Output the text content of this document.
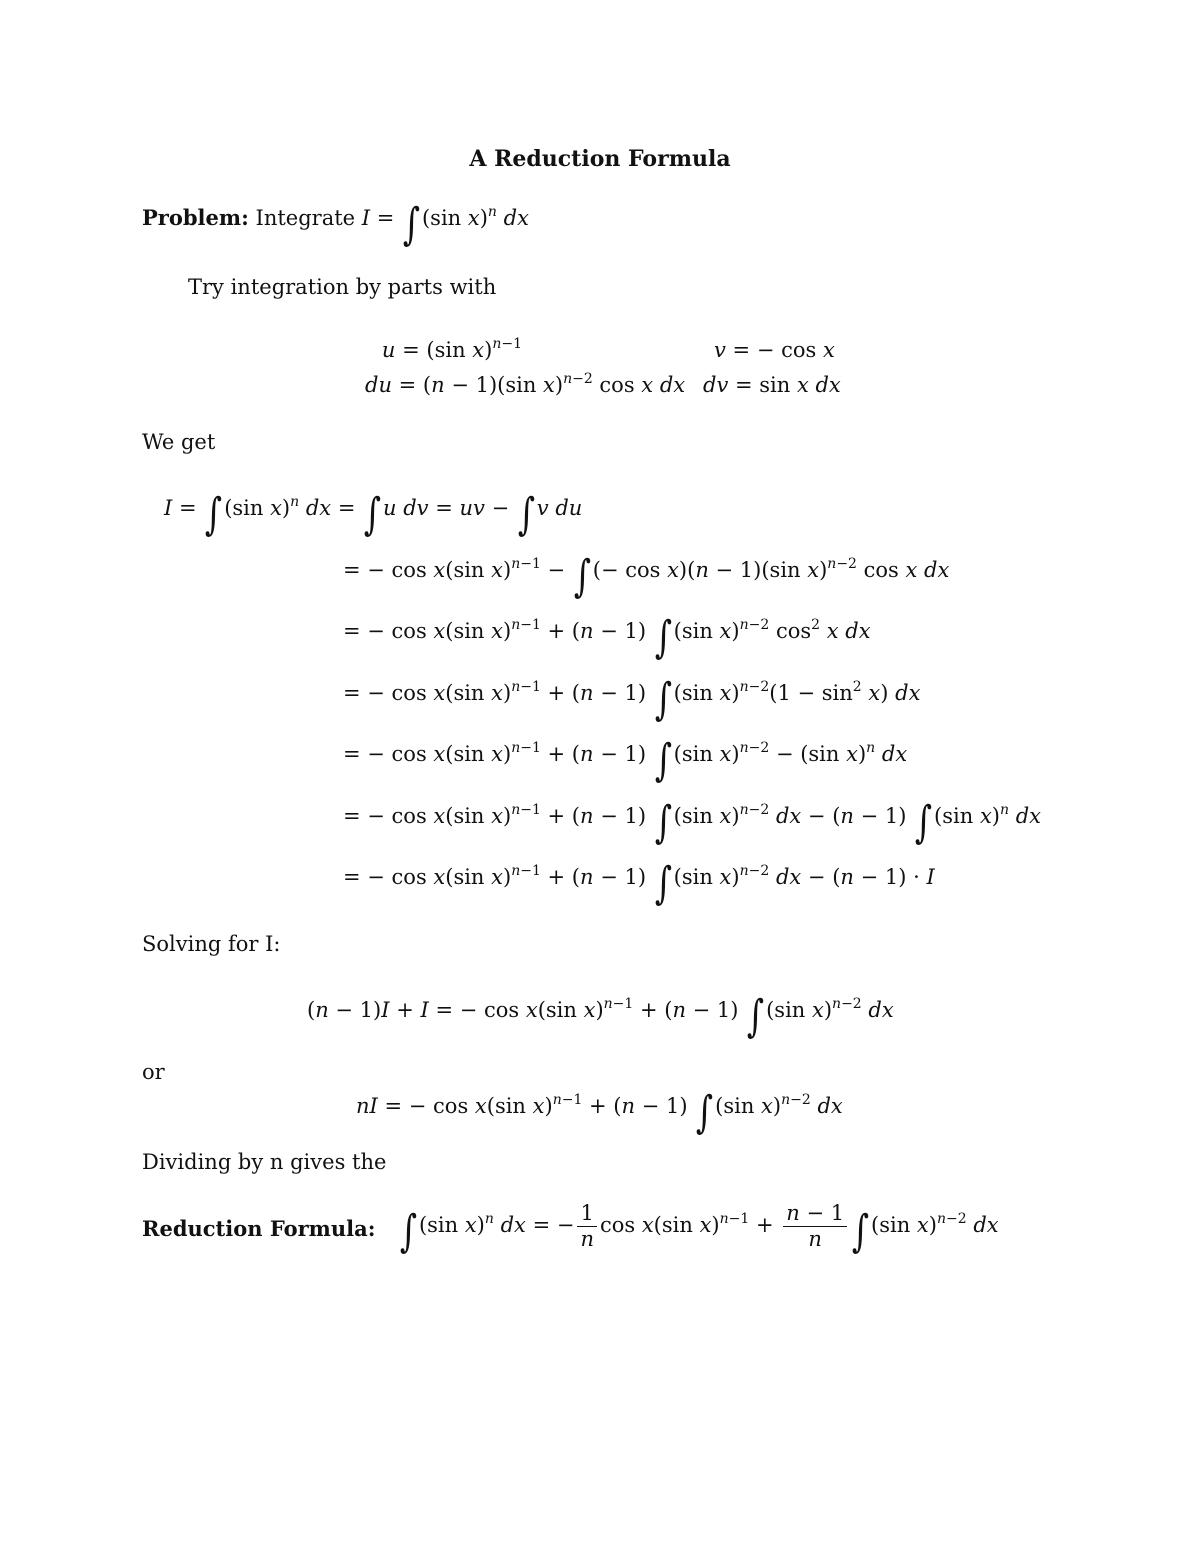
A Reduction Formula
Problem: Integrate I = ∫(sin x)$^n$ dx
Try integration by parts with
u = (sin x)$^{n-1}$	v = − cos x
du = (n − 1)(sin x)$^{n-2}$ cos x dx dv = sin x dx
We get
I = ∫(sin x)$^n$ dx = ∫u dv = uv − ∫v du
= − cos x(sin x)$^{n-1}$ − ∫(− cos x)(n − 1)(sin x)$^{n-2}$ cos x dx
= − cos x(sin x)$^{n-1}$ + (n − 1) ∫(sin x)$^{n-2}$ $\cos^2 x$ dx
= − cos x(sin x)$^{n-1}$ + (n − 1) ∫(sin $x)^{n-2}(1 - \sin^2 x)$ dx
= − cos x(sin x)$^{n-1}$ + (n − 1) ∫(sin x)$^{n-2}$ − (sin x)$^n$ dx
= − cos x(sin x)$^{n-1}$ + (n − 1) ∫(sin x)$^{n-2}$ dx − (n − 1) ∫(sin x)$^n$ dx
= − cos x(sin x)$^{n-1}$ + (n − 1) ∫(sin x)$^{n-2}$ dx − (n − 1) · I
Solving for I:
(n − 1)I + I = − cos x(sin x)$^{n-1}$ + (n − 1) ∫(sin x)$^{n-2}$ dx
or
nI = − cos x(sin x)$^{n-1}$ + (n − 1) ∫(sin x)$^{n-2}$ dx
Dividing by n gives the
Reduction Formula: ∫(sin x)$^n$ dx = − $\frac{1}{n}$ cos x(sin $x)^{n-1} + \frac{n - 1}{n} \int(\sin$ x)$^{n-2}$ dx
